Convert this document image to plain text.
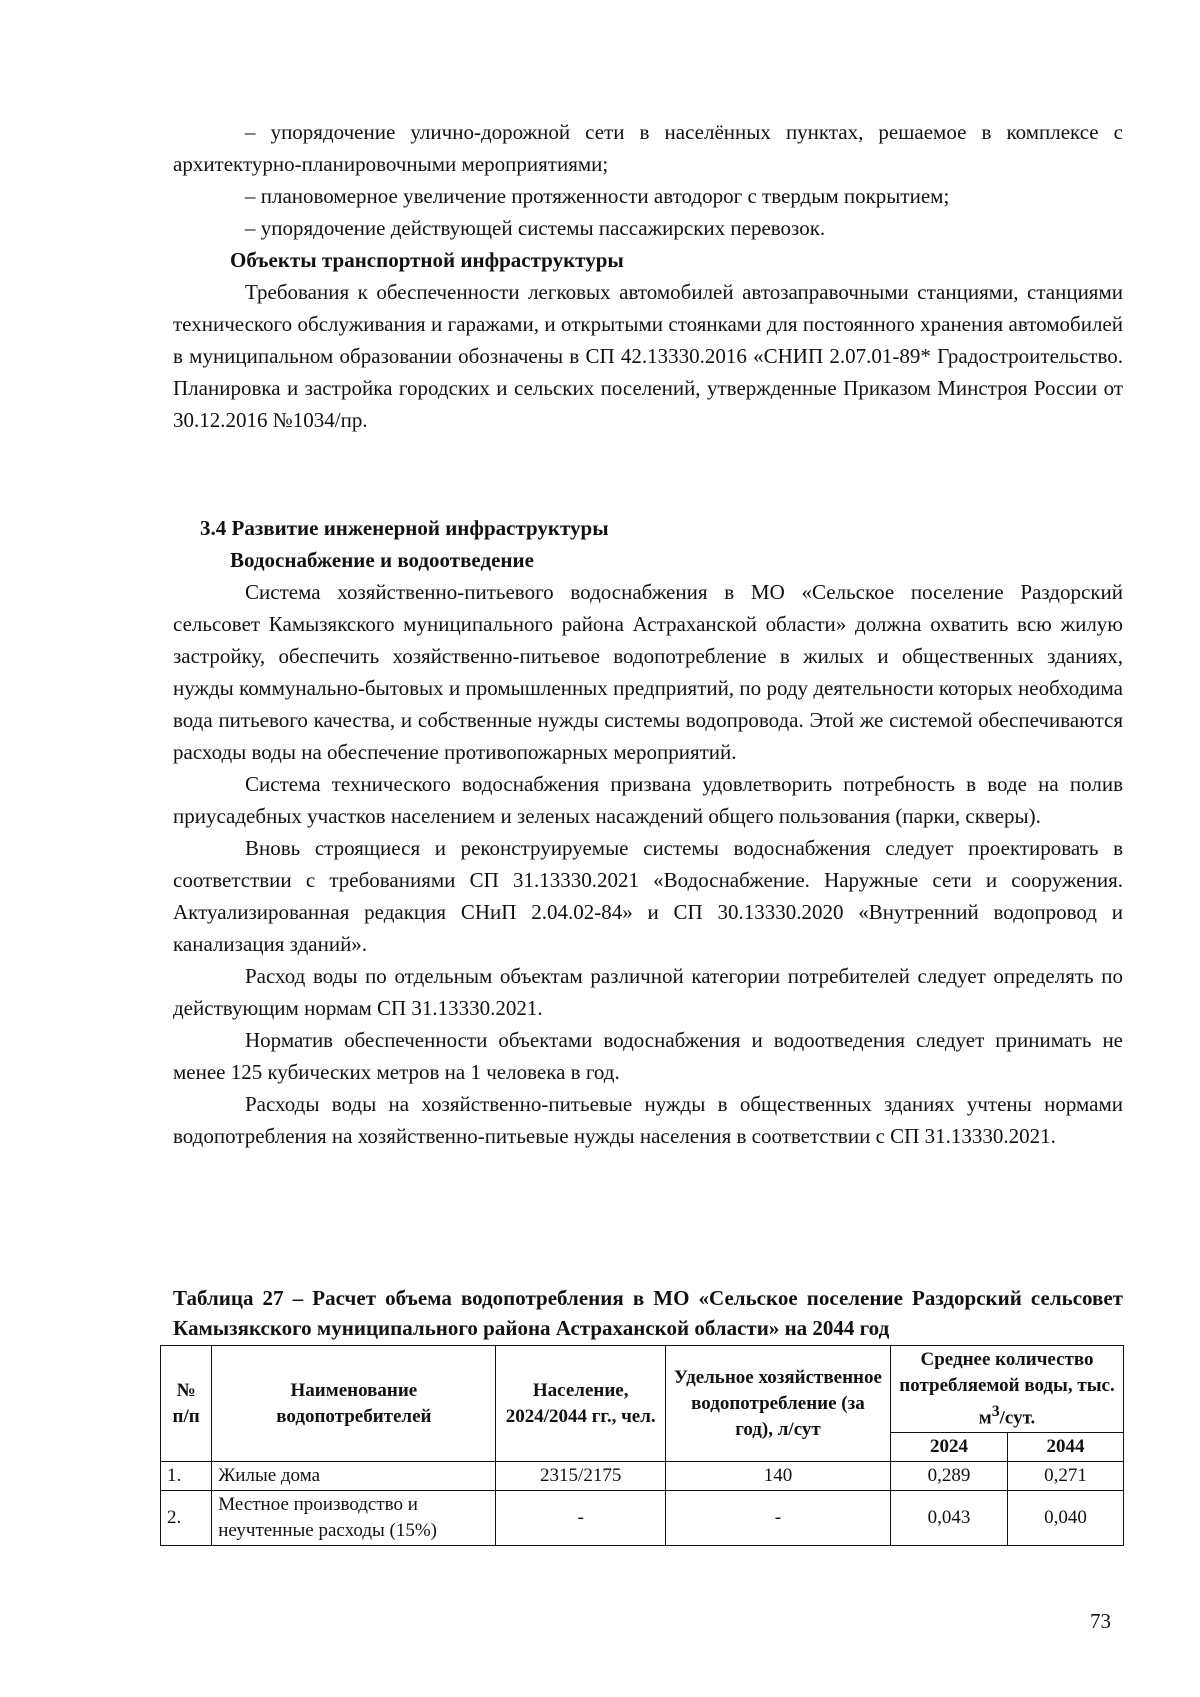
– упорядочение улично-дорожной сети в населённых пунктах, решаемое в комплексе с архитектурно-планировочными мероприятиями;

– плановомерное увеличение протяженности автодорог с твердым покрытием;

– упорядочение действующей системы пассажирских перевозок.

Объекты транспортной инфраструктуры

Требования к обеспеченности легковых автомобилей автозаправочными станциями, станциями технического обслуживания и гаражами, и открытыми стоянками для постоянного хранения автомобилей в муниципальном образовании обозначены в СП 42.13330.2016 «СНИП 2.07.01-89* Градостроительство. Планировка и застройка городских и сельских поселений, утвержденные Приказом Минстроя России от 30.12.2016 №1034/пр.

3.4 Развитие инженерной инфраструктуры

Водоснабжение и водоотведение

Система хозяйственно-питьевого водоснабжения в МО «Сельское поселение Раздорский сельсовет Камызякского муниципального района Астраханской области» должна охватить всю жилую застройку, обеспечить хозяйственно-питьевое водопотребление в жилых и общественных зданиях, нужды коммунально-бытовых и промышленных предприятий, по роду деятельности которых необходима вода питьевого качества, и собственные нужды системы водопровода. Этой же системой обеспечиваются расходы воды на обеспечение противопожарных мероприятий.

Система технического водоснабжения призвана удовлетворить потребность в воде на полив приусадебных участков населением и зеленых насаждений общего пользования (парки, скверы).

Вновь строящиеся и реконструируемые системы водоснабжения следует проектировать в соответствии с требованиями СП 31.13330.2021 «Водоснабжение. Наружные сети и сооружения. Актуализированная редакция СНиП 2.04.02-84» и СП 30.13330.2020 «Внутренний водопровод и канализация зданий».

Расход воды по отдельным объектам различной категории потребителей следует определять по действующим нормам СП 31.13330.2021.

Норматив обеспеченности объектами водоснабжения и водоотведения следует принимать не менее 125 кубических метров на 1 человека в год.

Расходы воды на хозяйственно-питьевые нужды в общественных зданиях учтены нормами водопотребления на хозяйственно-питьевые нужды населения в соответствии с СП 31.13330.2021.

Таблица 27 – Расчет объема водопотребления в МО «Сельское поселение Раздорский сельсовет Камызякского муниципального района Астраханской области» на 2044 год
№ п/п	Наименование водопотребителей	Население, 2024/2044 гг., чел.	Удельное хозяйственное водопотребление (за год), л/сут	Среднее количество потребляемой воды, тыс. $м^3$/сут.	
				2024	2044
1.	Жилые дома	2315/2175	140	0,289	0,271
2.	Местное производство и неучтенные расходы (15%)	-	-	0,043	0,040
73
